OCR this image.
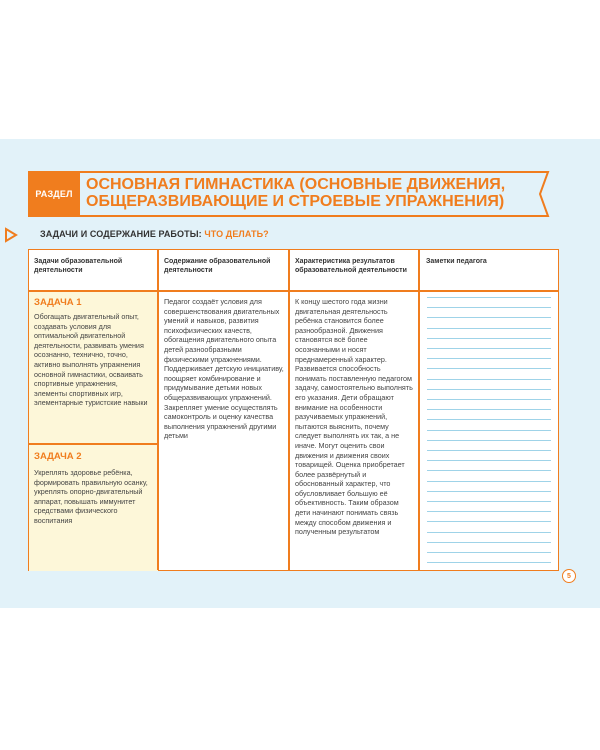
РАЗДЕЛ
ОСНОВНАЯ ГИМНАСТИКА (ОСНОВНЫЕ ДВИЖЕНИЯ,
ОБЩЕРАЗВИВАЮЩИЕ И СТРОЕВЫЕ УПРАЖНЕНИЯ)
ЗАДАЧИ И СОДЕРЖАНИЕ РАБОТЫ: ЧТО ДЕЛАТЬ?
Задачи образовательной деятельности
Содержание образовательной деятельности
Характеристика результатов образовательной деятельности
Заметки педагога
ЗАДАЧА 1
Обогащать двигательный опыт, создавать условия для оптимальной двигательной деятельности, развивать умения осознанно, технично, точно, активно выполнять упражнения основной гимнастики, осваивать спортивные упражнения, элементы спортивных игр, элементарные туристские навыки
ЗАДАЧА 2
Укреплять здоровье ребёнка, формировать правильную осанку, укреплять опорно-двигательный аппарат, повышать иммунитет средствами физического воспитания
Педагог создаёт условия для совершенствования двигательных умений и навыков, развития психофизических качеств, обогащения двигательного опыта детей разнообразными физическими упражнениями. Поддерживает детскую инициативу, поощряет комбинирование и придумывание детьми новых общеразвивающих упражнений. Закрепляет умение осуществлять самоконтроль и оценку качества выполнения упражнений другими детьми
К концу шестого года жизни двигательная деятельность ребёнка становится более разнообразной. Движения становятся всё более осознанными и носят преднамеренный характер. Развивается способность понимать поставленную педагогом задачу, самостоятельно выполнять его указания. Дети обращают внимание на особенности разучиваемых упражнений, пытаются выяснить, почему следует выполнять их так, а не иначе. Могут оценить свои движения и движения своих товарищей. Оценка приобретает более развёрнутый и обоснованный характер, что обусловливает большую её объективность. Таким образом дети начинают понимать связь между способом движения и полученным результатом
5
